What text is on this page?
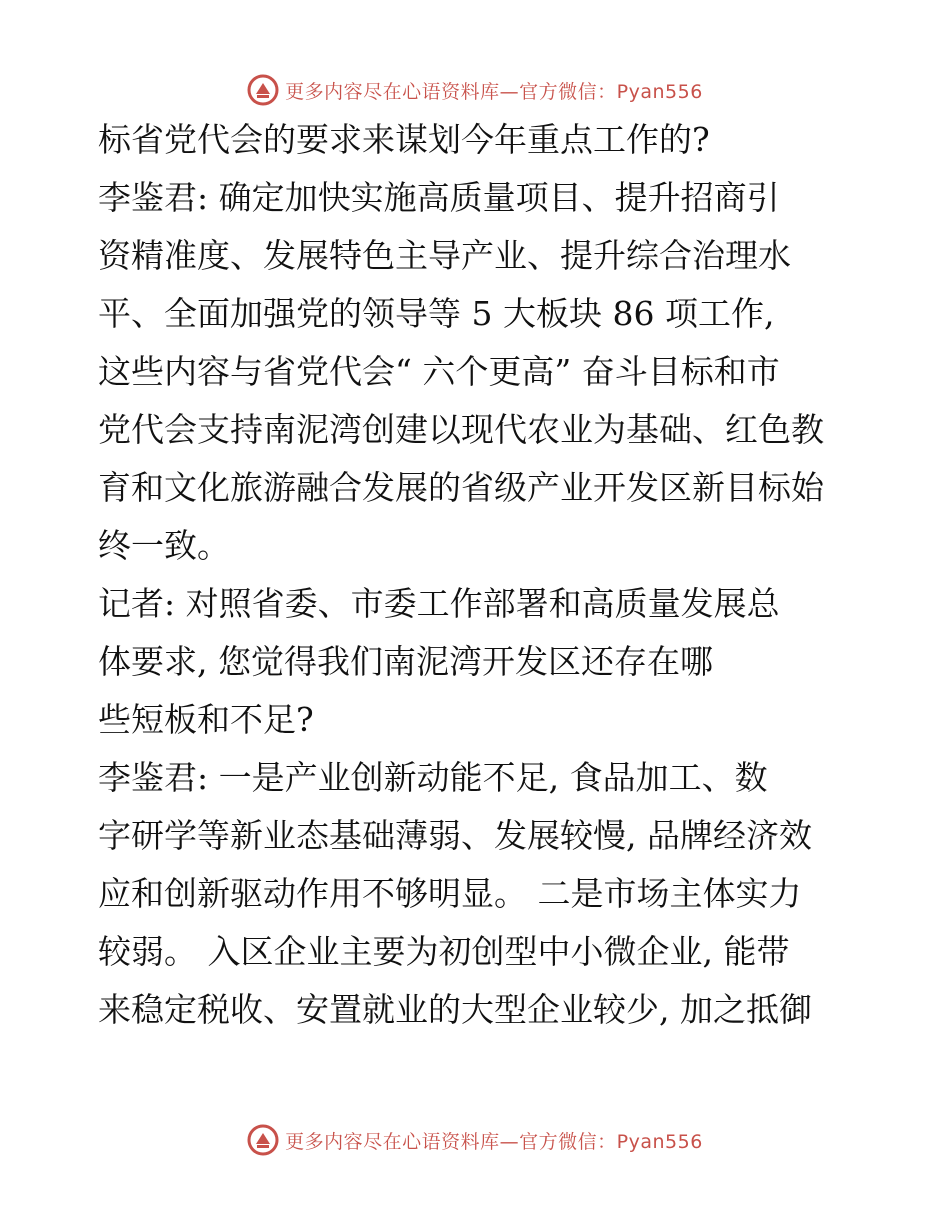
更多内容尽在心语资料库—官方微信：Pyan556
标省党代会的要求来谋划今年重点工作的?
李鉴君: 确定加快实施高质量项目、提升招商引
资精准度、发展特色主导产业、提升综合治理水
平、全面加强党的领导等 5 大板块 86 项工作,
这些内容与省党代会“ 六个更高” 奋斗目标和市
党代会支持南泥湾创建以现代农业为基础、红色教
育和文化旅游融合发展的省级产业开发区新目标始
终一致。
记者: 对照省委、市委工作部署和高质量发展总
体要求, 您觉得我们南泥湾开发区还存在哪
些短板和不足?
李鉴君: 一是产业创新动能不足, 食品加工、数
字研学等新业态基础薄弱、发展较慢, 品牌经济效
应和创新驱动作用不够明显。 二是市场主体实力
较弱。 入区企业主要为初创型中小微企业, 能带
来稳定税收、安置就业的大型企业较少, 加之抵御
更多内容尽在心语资料库—官方微信：Pyan556
